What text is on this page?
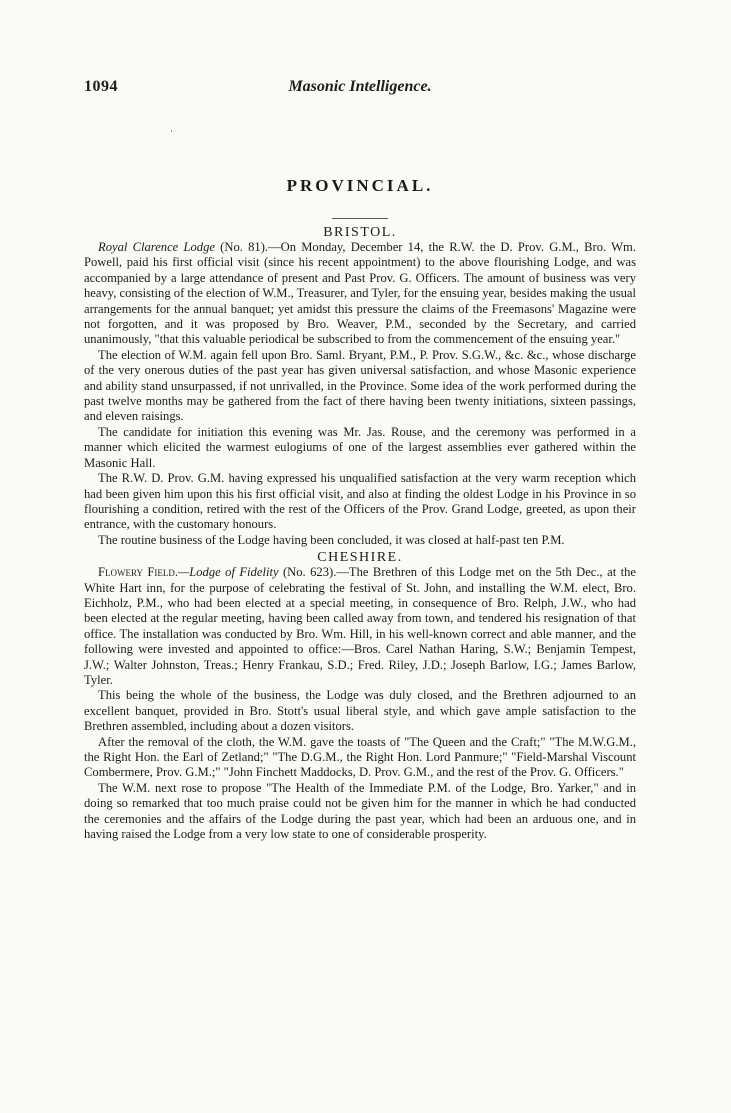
1094	Masonic Intelligence.
·
PROVINCIAL.
BRISTOL.

Royal Clarence Lodge (No. 81).—On Monday, December 14, the R.W. the D. Prov. G.M., Bro. Wm. Powell, paid his first official visit (since his recent appointment) to the above flourishing Lodge, and was accompanied by a large attendance of present and Past Prov. G. Officers. The amount of business was very heavy, consisting of the election of W.M., Treasurer, and Tyler, for the ensuing year, besides making the usual arrangements for the annual banquet; yet amidst this pressure the claims of the Freemasons' Magazine were not forgotten, and it was proposed by Bro. Weaver, P.M., seconded by the Secretary, and carried unanimously, "that this valuable periodical be subscribed to from the commencement of the ensuing year."

The election of W.M. again fell upon Bro. Saml. Bryant, P.M., P. Prov. S.G.W., &c. &c., whose discharge of the very onerous duties of the past year has given universal satisfaction, and whose Masonic experience and ability stand unsurpassed, if not unrivalled, in the Province. Some idea of the work performed during the past twelve months may be gathered from the fact of there having been twenty initiations, sixteen passings, and eleven raisings.

The candidate for initiation this evening was Mr. Jas. Rouse, and the ceremony was performed in a manner which elicited the warmest eulogiums of one of the largest assemblies ever gathered within the Masonic Hall.

The R.W. D. Prov. G.M. having expressed his unqualified satisfaction at the very warm reception which had been given him upon this his first official visit, and also at finding the oldest Lodge in his Province in so flourishing a condition, retired with the rest of the Officers of the Prov. Grand Lodge, greeted, as upon their entrance, with the customary honours.

The routine business of the Lodge having been concluded, it was closed at half-past ten P.M.

CHESHIRE.

Flowery Field.—Lodge of Fidelity (No. 623).—The Brethren of this Lodge met on the 5th Dec., at the White Hart inn, for the purpose of celebrating the festival of St. John, and installing the W.M. elect, Bro. Eichholz, P.M., who had been elected at a special meeting, in consequence of Bro. Relph, J.W., who had been elected at the regular meeting, having been called away from town, and tendered his resignation of that office. The installation was conducted by Bro. Wm. Hill, in his well-known correct and able manner, and the following were invested and appointed to office:—Bros. Carel Nathan Haring, S.W.; Benjamin Tempest, J.W.; Walter Johnston, Treas.; Henry Frankau, S.D.; Fred. Riley, J.D.; Joseph Barlow, I.G.; James Barlow, Tyler.

This being the whole of the business, the Lodge was duly closed, and the Brethren adjourned to an excellent banquet, provided in Bro. Stott's usual liberal style, and which gave ample satisfaction to the Brethren assembled, including about a dozen visitors.

After the removal of the cloth, the W.M. gave the toasts of "The Queen and the Craft;" "The M.W.G.M., the Right Hon. the Earl of Zetland;" "The D.G.M., the Right Hon. Lord Panmure;" "Field-Marshal Viscount Combermere, Prov. G.M.;" "John Finchett Maddocks, D. Prov. G.M., and the rest of the Prov. G. Officers."

The W.M. next rose to propose "The Health of the Immediate P.M. of the Lodge, Bro. Yarker," and in doing so remarked that too much praise could not be given him for the manner in which he had conducted the ceremonies and the affairs of the Lodge during the past year, which had been an arduous one, and in having raised the Lodge from a very low state to one of considerable prosperity.
